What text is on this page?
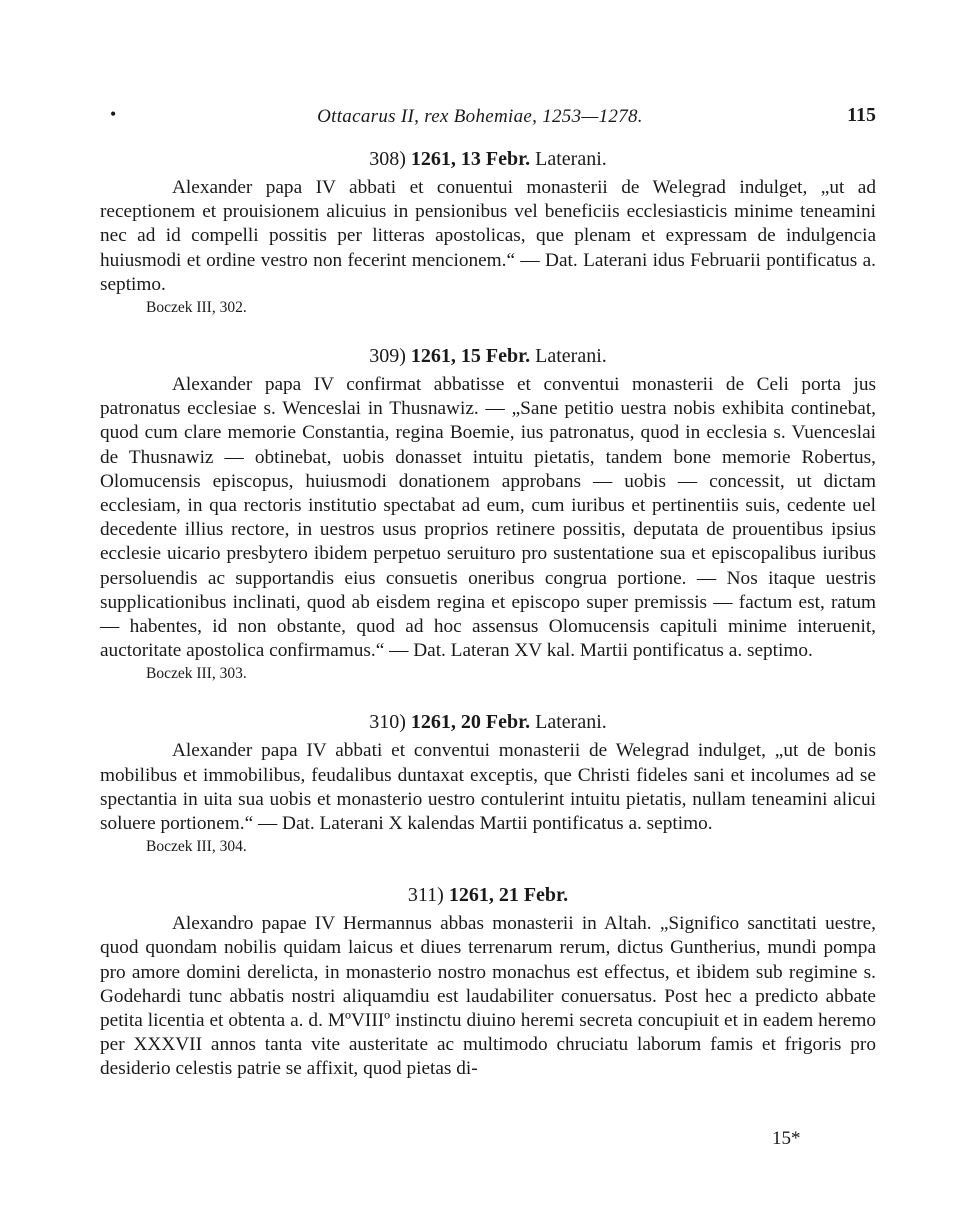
•	Ottacarus II, rex Bohemiae, 1253—1278.	115
308) 1261, 13 Febr. Laterani.

Alexander papa IV abbati et conuentui monasterii de Welegrad indulget, „ut ad receptionem et prouisionem alicuius in pensionibus vel beneficiis ecclesiasticis minime teneamini nec ad id compelli possitis per litteras apostolicas, que plenam et expressam de indulgencia huiusmodi et ordine vestro non fecerint mencionem.“ — Dat. Laterani idus Februarii pontificatus a. septimo.

Boczek III, 302.
309) 1261, 15 Febr. Laterani.

Alexander papa IV confirmat abbatisse et conventui monasterii de Celi porta jus patronatus ecclesiae s. Wenceslai in Thusnawiz. — „Sane petitio uestra nobis exhibita continebat, quod cum clare memorie Constantia, regina Boemie, ius patronatus, quod in ecclesia s. Vuenceslai de Thusnawiz — obtinebat, uobis donasset intuitu pietatis, tandem bone memorie Robertus, Olomucensis episcopus, huiusmodi donationem approbans — uobis — concessit, ut dictam ecclesiam, in qua rectoris institutio spectabat ad eum, cum iuribus et pertinentiis suis, cedente uel decedente illius rectore, in uestros usus proprios retinere possitis, deputata de prouentibus ipsius ecclesie uicario presbytero ibidem perpetuo seruituro pro sustentatione sua et episcopalibus iuribus persoluendis ac supportandis eius consuetis oneribus congrua portione. — Nos itaque uestris supplicationibus inclinati, quod ab eisdem regina et episcopo super premissis — factum est, ratum — habentes, id non obstante, quod ad hoc assensus Olomucensis capituli minime interuenit, auctoritate apostolica confirmamus.“ — Dat. Lateran XV kal. Martii pontificatus a. septimo.

Boczek III, 303.
310) 1261, 20 Febr. Laterani.

Alexander papa IV abbati et conventui monasterii de Welegrad indulget, „ut de bonis mobilibus et immobilibus, feudalibus duntaxat exceptis, que Christi fideles sani et incolumes ad se spectantia in uita sua uobis et monasterio uestro contulerint intuitu pietatis, nullam teneamini alicui soluere portionem.“ — Dat. Laterani X kalendas Martii pontificatus a. septimo.

Boczek III, 304.
311) 1261, 21 Febr.

Alexandro papae IV Hermannus abbas monasterii in Altah. „Significo sanctitati uestre, quod quondam nobilis quidam laicus et diues terrenarum rerum, dictus Guntherius, mundi pompa pro amore domini derelicta, in monasterio nostro monachus est effectus, et ibidem sub regimine s. Godehardi tunc abbatis nostri aliquamdiu est laudabiliter conuersatus. Post hec a predicto abbate petita licentia et obtenta a. d. MºVIIIº instinctu diuino heremi secreta concupiuit et in eadem heremo per XXXVII annos tanta vite austeritate ac multimodo chruciatu laborum famis et frigoris pro desiderio celestis patrie se affixit, quod pietas di-

15*
